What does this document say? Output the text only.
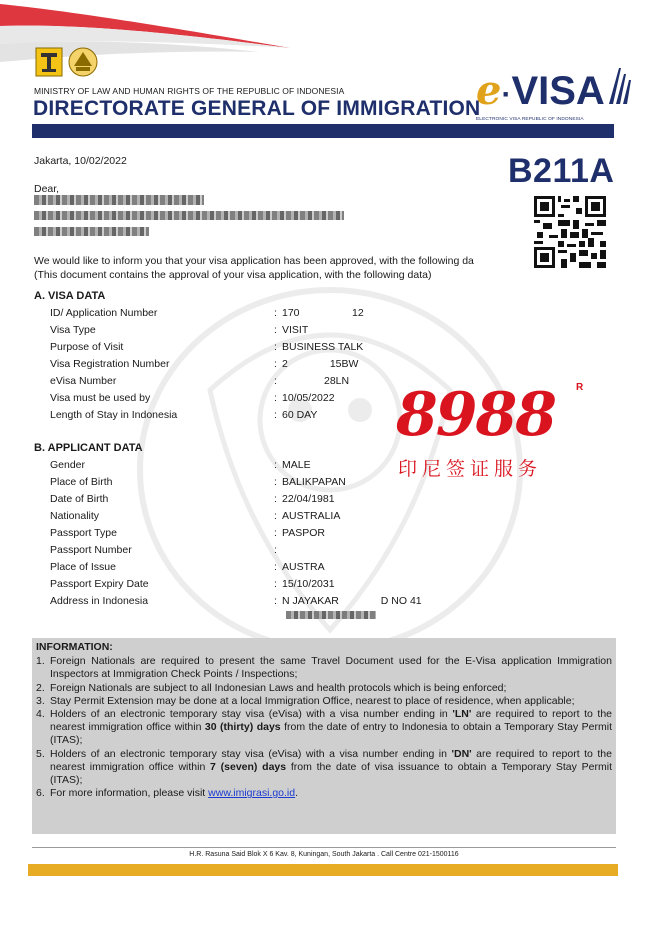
MINISTRY OF LAW AND HUMAN RIGHTS OF THE REPUBLIC OF INDONESIA
DIRECTORATE GENERAL OF IMMIGRATION
e · VISA
ELECTRONIC VISA REPUBLIC OF INDONESIA
Jakarta, 10/02/2022	B211A
Dear,
We would like to inform you that your visa application has been approved, with the following da
(This document contains the approval of your visa application, with the following data)
A. VISA DATA
ID/ Application Number	: 170     12
Visa Type	: VISIT
Purpose of Visit	: BUSINESS TALK
Visa Registration Number	: 2    15BW
eVisa Number	:     28LN
Visa must be used by	: 10/05/2022
Length of Stay in Indonesia	: 60 DAY
B. APPLICANT DATA
Gender	: MALE
Place of Birth	: BALIKPAPAN
Date of Birth	: 22/04/1981
Nationality	: AUSTRALIA
Passport Type	: PASPOR
Passport Number	:
Place of Issue	: AUSTRA
Passport Expiry Date	: 15/10/2031
Address in Indonesia	: N JAYAKAR    D NO 41
8988 R
印尼签证服务
INFORMATION:
1. Foreign Nationals are required to present the same Travel Document used for the E-Visa application Immigration Inspectors at Immigration Check Points / Inspections;
2. Foreign Nationals are subject to all Indonesian Laws and health protocols which is being enforced;
3. Stay Permit Extension may be done at a local Immigration Office, nearest to place of residence, when applicable;
4. Holders of an electronic temporary stay visa (eVisa) with a visa number ending in 'LN' are required to report to the nearest immigration office within 30 (thirty) days from the date of entry to Indonesia to obtain a Temporary Stay Permit (ITAS);
5. Holders of an electronic temporary stay visa (eVisa) with a visa number ending in 'DN' are required to report to the nearest immigration office within 7 (seven) days from the date of visa issuance to obtain a Temporary Stay Permit (ITAS);
6. For more information, please visit www.imigrasi.go.id.
H.R. Rasuna Said Blok X 6 Kav. 8, Kuningan, South Jakarta . Call Centre 021-1500116
